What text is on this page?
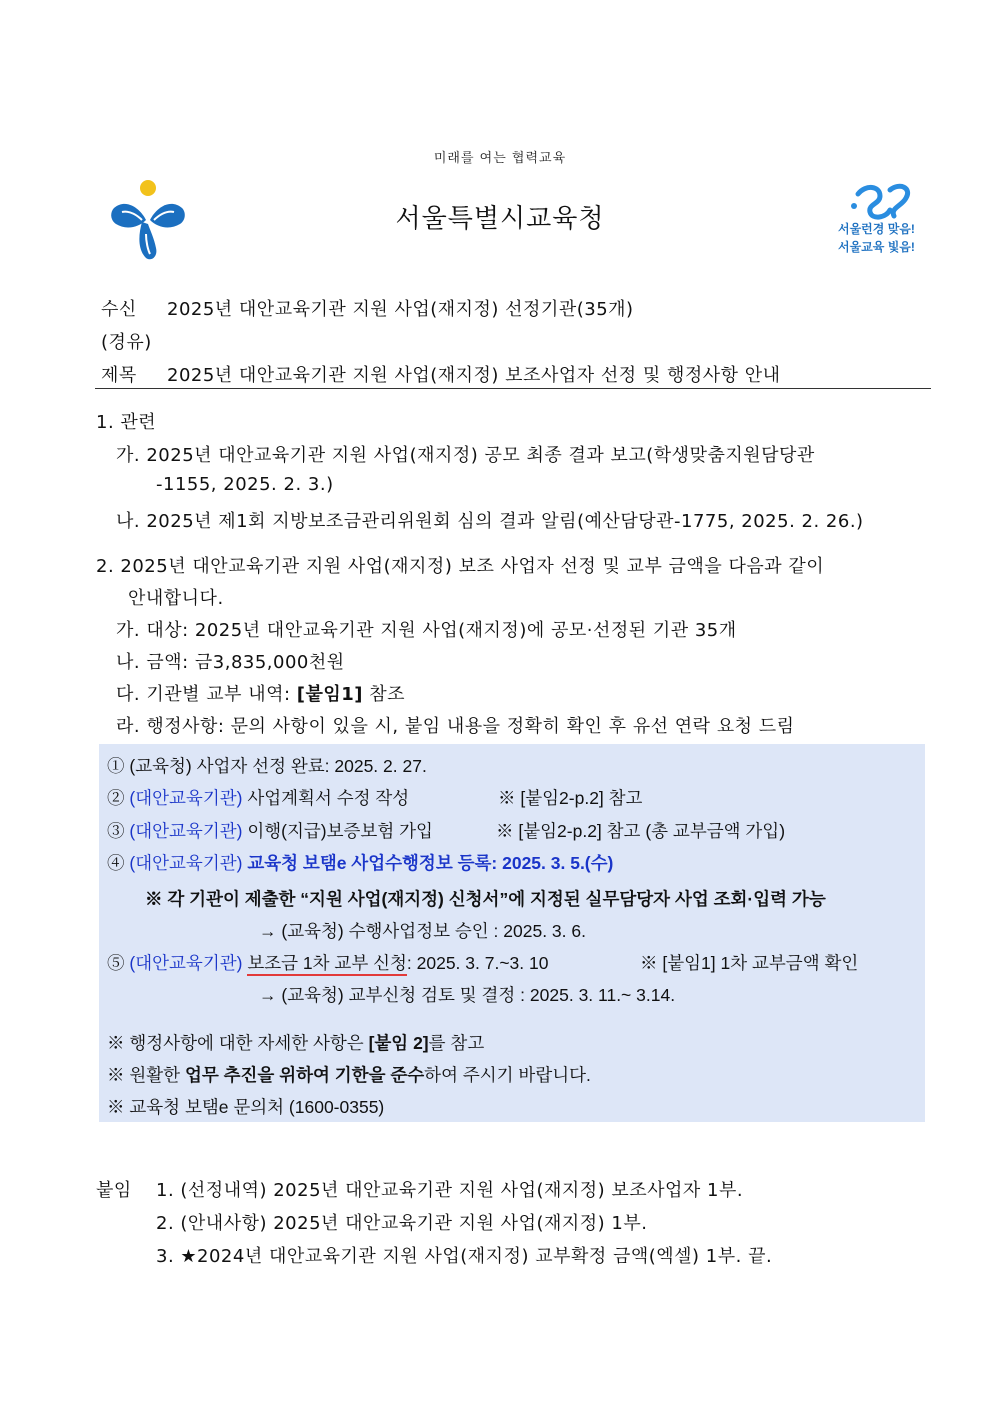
미래를 여는 협력교육
서울특별시교육청	서울런경 맞음!
서울교육 빛음!
수신 2025년 대안교육기관 지원 사업(재지정) 선정기관(35개)
(경유)
제목 2025년 대안교육기관 지원 사업(재지정) 보조사업자 선정 및 행정사항 안내
1. 관련
가. 2025년 대안교육기관 지원 사업(재지정) 공모 최종 결과 보고(학생맞춤지원담당관
-1155, 2025. 2. 3.)
나. 2025년 제1회 지방보조금관리위원회 심의 결과 알림(예산담당관-1775, 2025. 2. 26.)
2. 2025년 대안교육기관 지원 사업(재지정) 보조 사업자 선정 및 교부 금액을 다음과 같이
안내합니다.
가. 대상: 2025년 대안교육기관 지원 사업(재지정)에 공모·선정된 기관 35개
나. 금액: 금3,835,000천원
다. 기관별 교부 내역: [붙임1] 참조
라. 행정사항: 문의 사항이 있을 시, 붙임 내용을 정확히 확인 후 유선 연락 요청 드림
① (교육청) 사업자 선정 완료: 2025. 2. 27.
② (대안교육기관) 사업계획서 수정 작성	※ [붙임2-p.2] 참고
③ (대안교육기관) 이행(지급)보증보험 가입	※ [붙임2-p.2] 참고 (총 교부금액 가입)
④ (대안교육기관) 교육청 보탬e 사업수행정보 등록: 2025. 3. 5.(수)
※ 각 기관이 제출한 “지원 사업(재지정) 신청서”에 지정된 실무담당자 사업 조회·입력 가능
→ (교육청) 수행사업정보 승인 : 2025. 3. 6.
⑤ (대안교육기관) 보조금 1차 교부 신청: 2025. 3. 7.~3. 10	※ [붙임1] 1차 교부금액 확인
→ (교육청) 교부신청 검토 및 결정 : 2025. 3. 11.~ 3.14.
※ 행정사항에 대한 자세한 사항은 [붙임 2]를 참고
※ 원활한 업무 추진을 위하여 기한을 준수하여 주시기 바랍니다.
※ 교육청 보탬e 문의처 (1600-0355)
붙임 1. (선정내역) 2025년 대안교육기관 지원 사업(재지정) 보조사업자 1부.
2. (안내사항) 2025년 대안교육기관 지원 사업(재지정) 1부.
3. ★2024년 대안교육기관 지원 사업(재지정) 교부확정 금액(엑셀) 1부. 끝.
